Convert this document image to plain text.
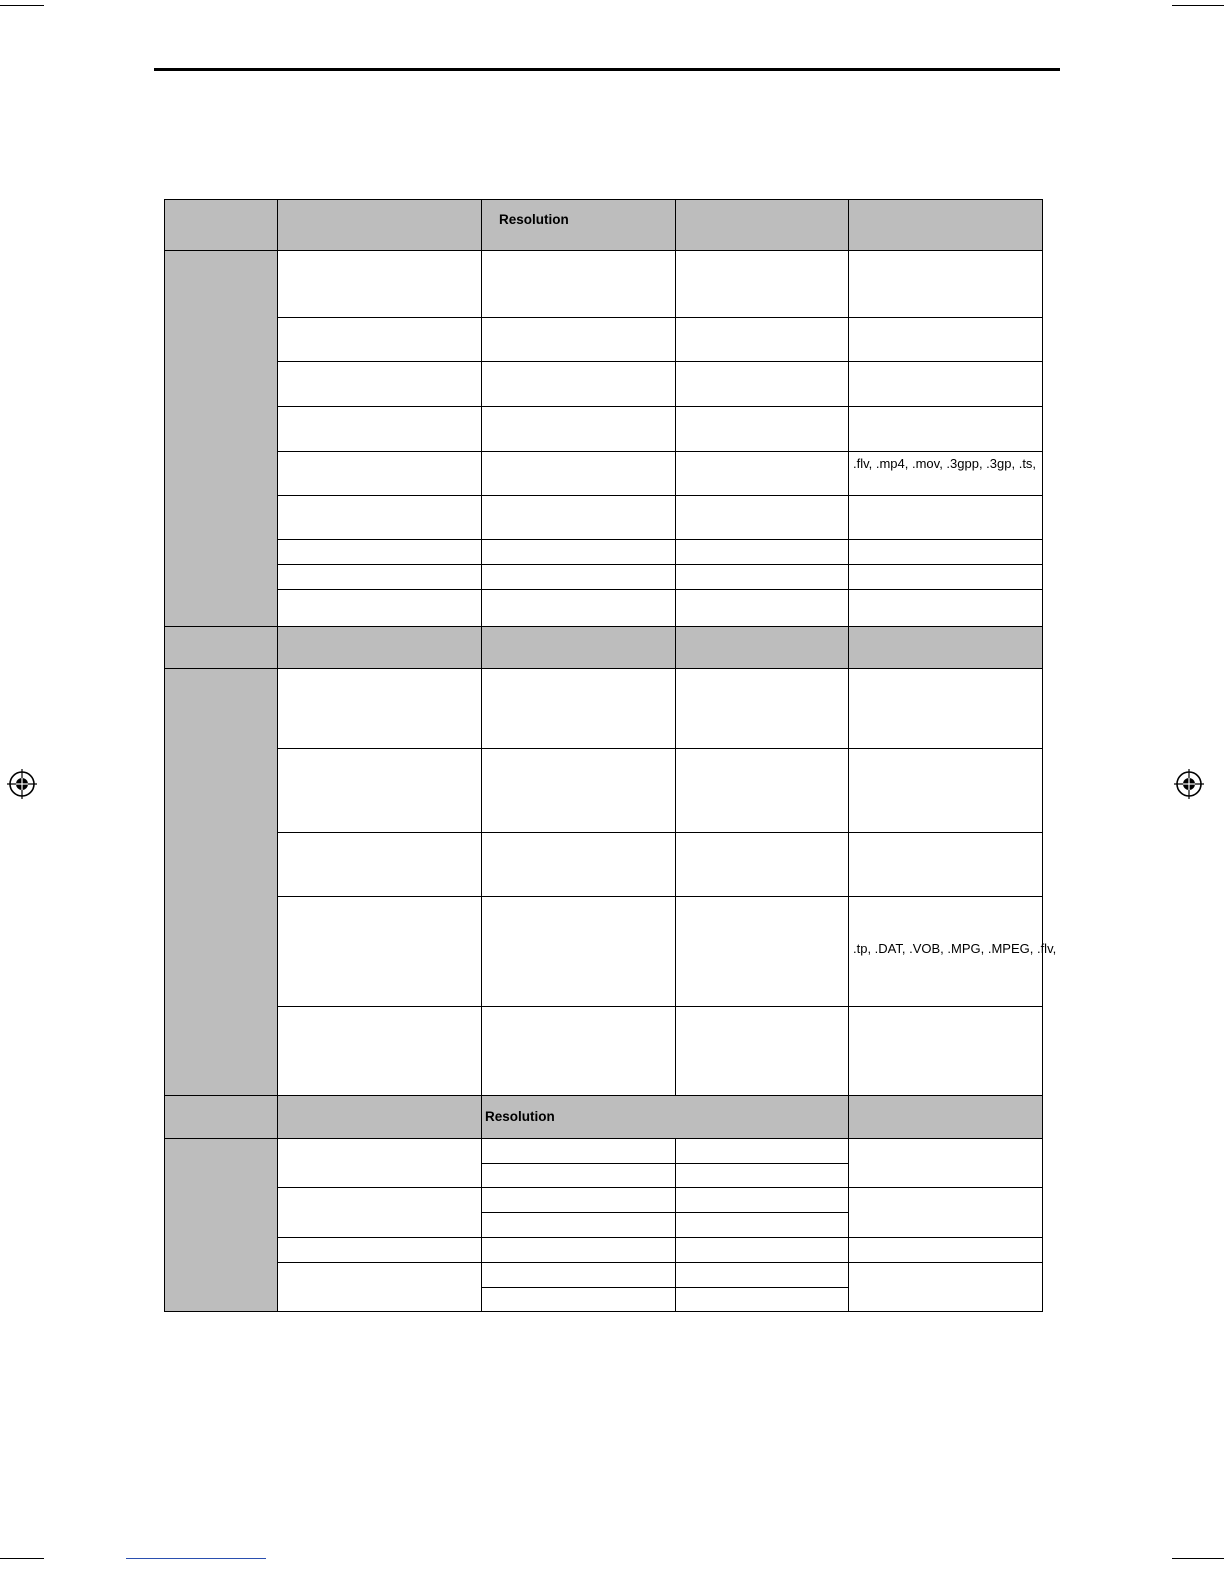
Resolution
.flv, .mp4, .mov, .3gpp, .3gp, .ts,
.tp, .DAT, .VOB, .MPG, .MPEG, .flv,
Resolution
